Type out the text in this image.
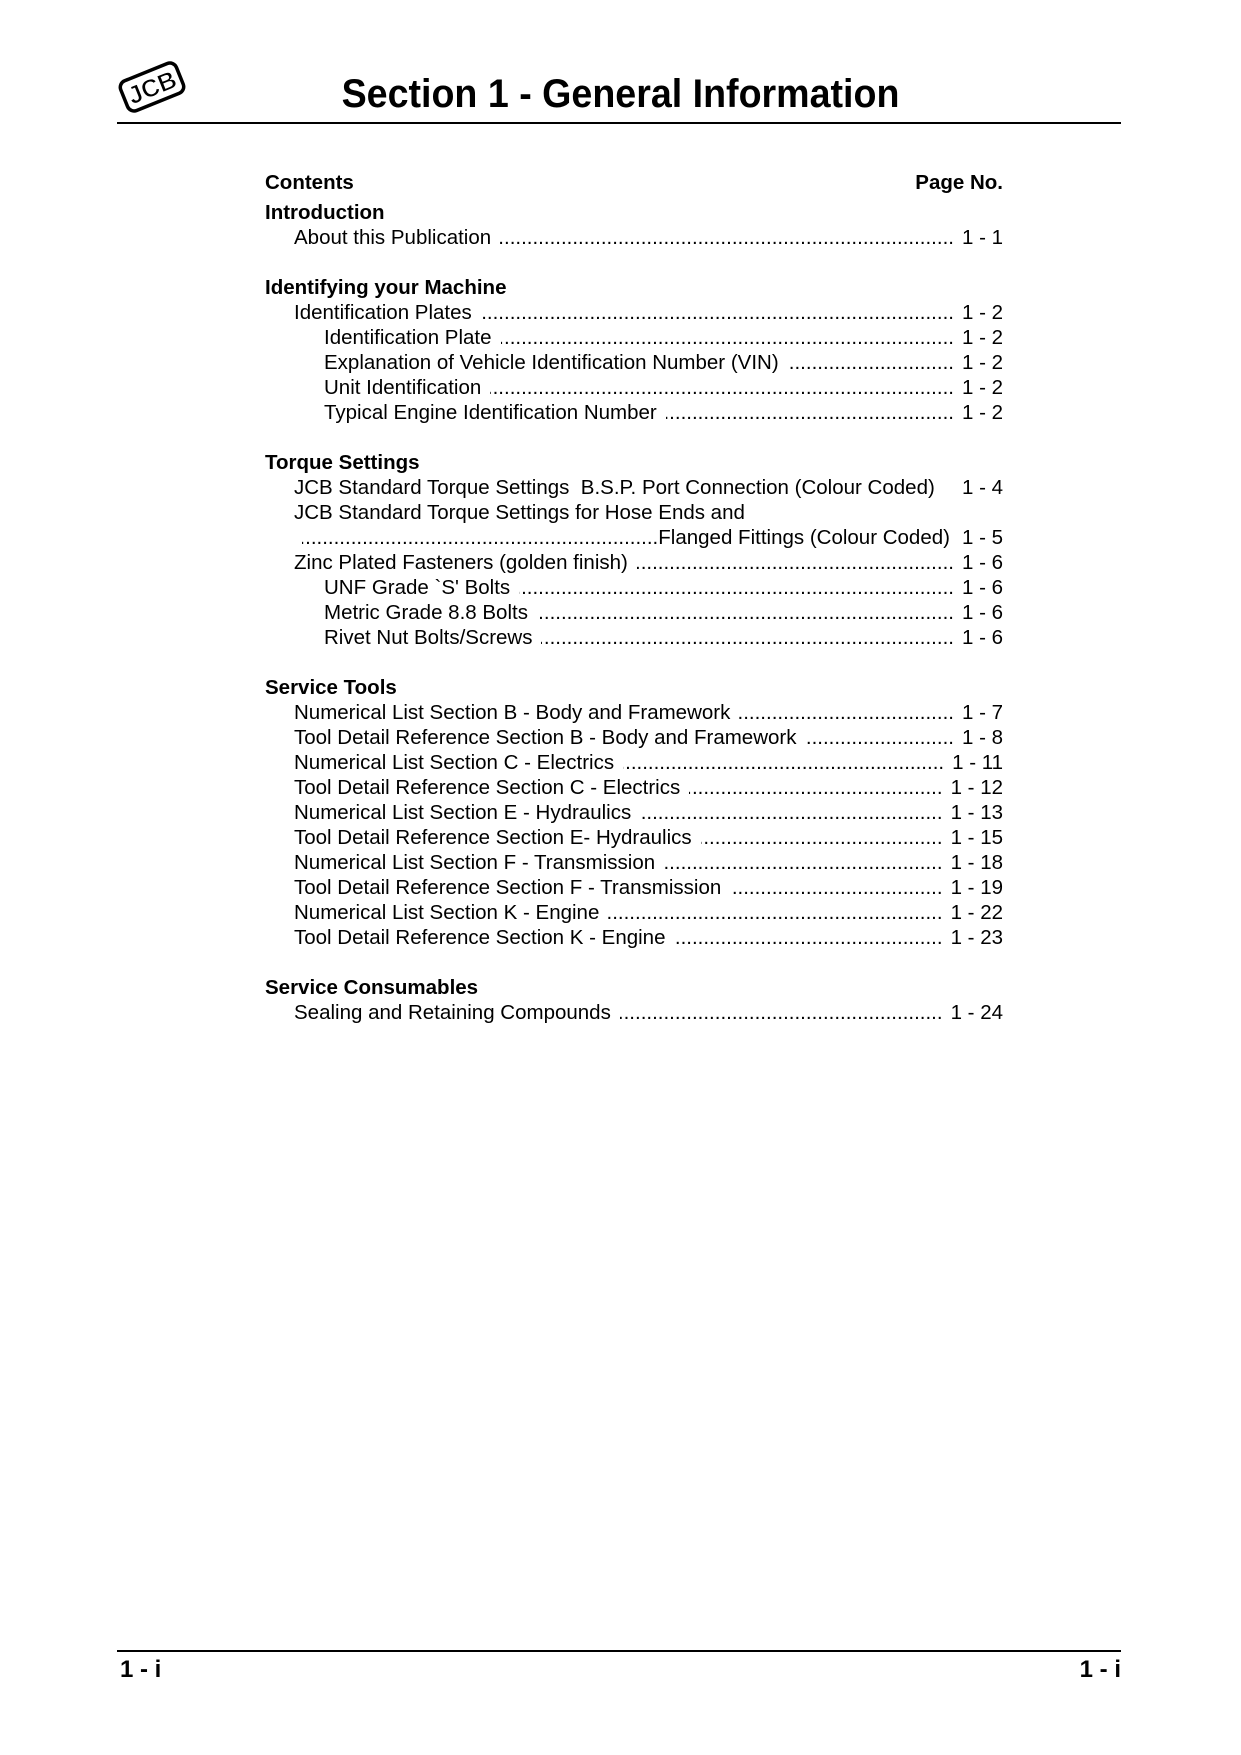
JCB	Section 1 - General Information
Contents	Page No.
Introduction
About this Publication .....	1 - 1
Identifying your Machine
Identification Plates .....	1 - 2
Identification Plate .....	1 - 2
Explanation of Vehicle Identification Number (VIN) .....	1 - 2
Unit Identification .....	1 - 2
Typical Engine Identification Number .....	1 - 2
Torque Settings
JCB Standard Torque Settings  B.S.P. Port Connection (Colour Coded) 1 - 4
JCB Standard Torque Settings for Hose Ends and
.....
Flanged Fittings (Colour Coded) 1 - 5
Zinc Plated Fasteners (golden finish) .....	1 - 6
UNF Grade `S' Bolts .....	1 - 6
Metric Grade 8.8 Bolts .....	1 - 6
Rivet Nut Bolts/Screws .....	1 - 6
Service Tools
Numerical List Section B - Body and Framework .....	1 - 7
Tool Detail Reference Section B - Body and Framework .....	1 - 8
Numerical List Section C - Electrics .....	1 - 11
Tool Detail Reference Section C - Electrics .....	1 - 12
Numerical List Section E - Hydraulics .....	1 - 13
Tool Detail Reference Section E- Hydraulics .....	1 - 15
Numerical List Section F - Transmission .....	1 - 18
Tool Detail Reference Section F - Transmission .....	1 - 19
Numerical List Section K - Engine .....	1 - 22
Tool Detail Reference Section K - Engine .....	1 - 23
Service Consumables
Sealing and Retaining Compounds .....	1 - 24
1 - i	1 - i
